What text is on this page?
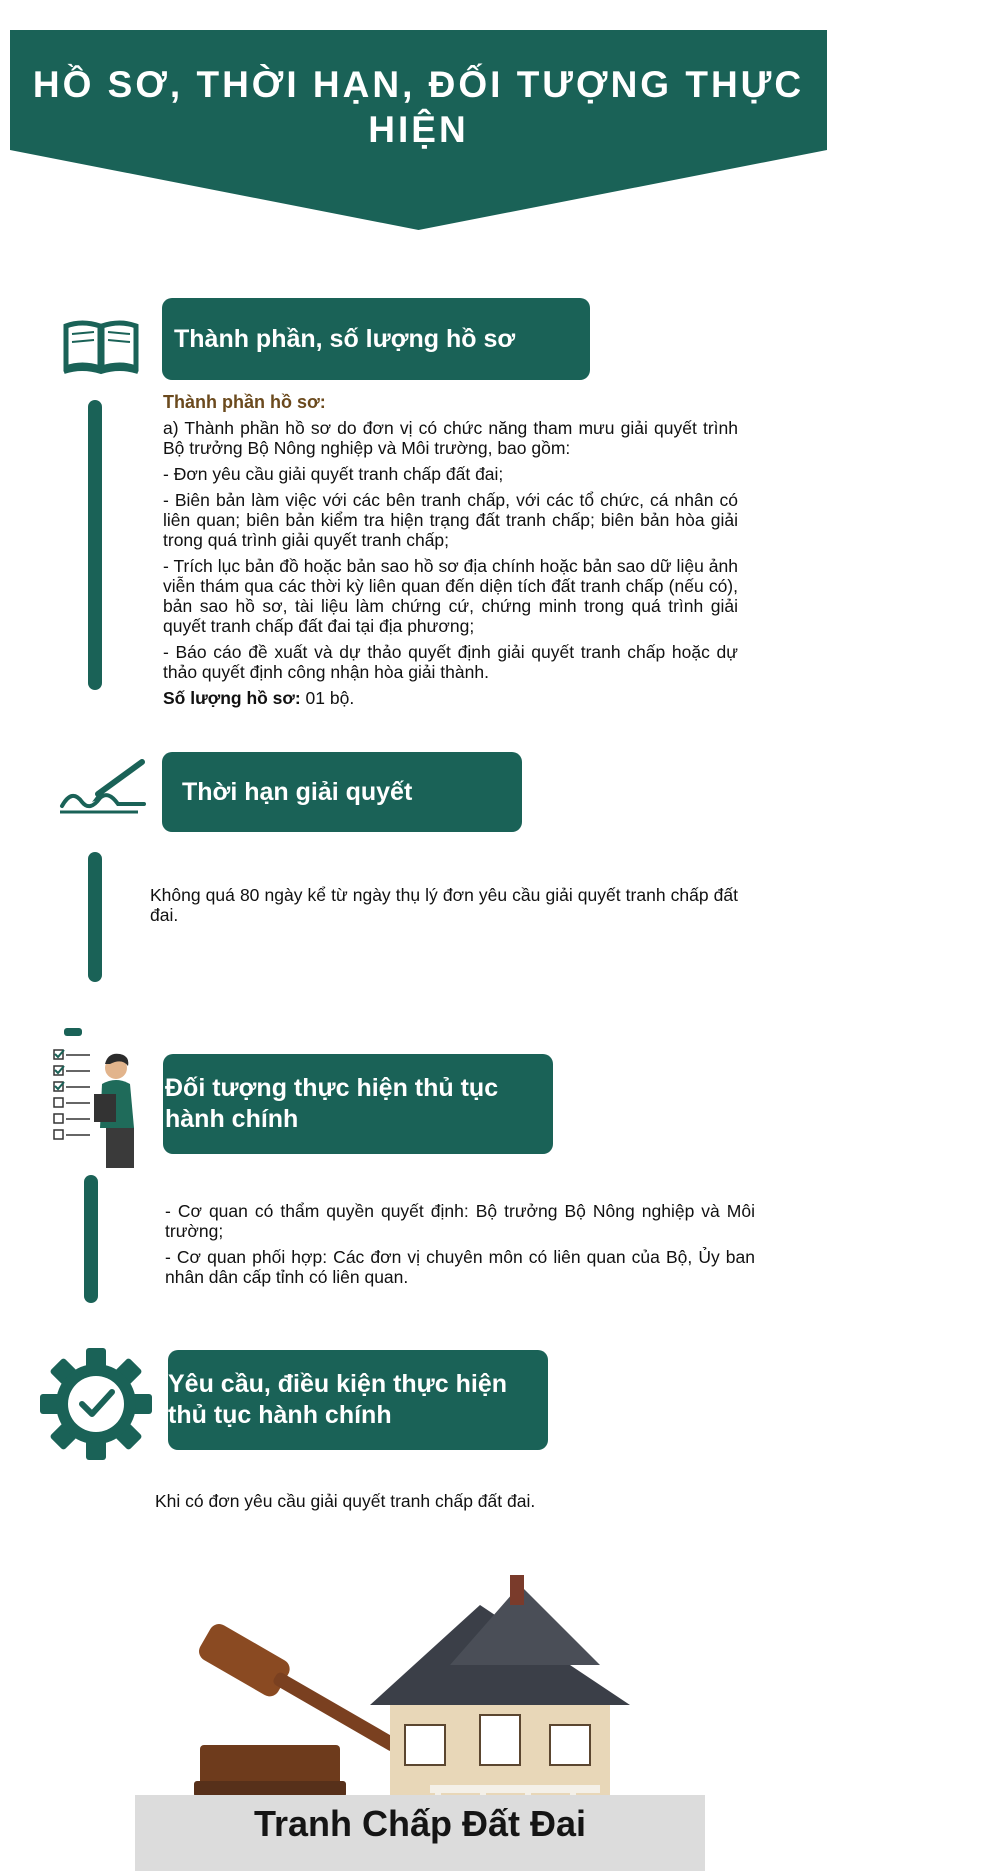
HỒ SƠ, THỜI HẠN, ĐỐI TƯỢNG THỰC HIỆN
Thành phần, số lượng hồ sơ

Thành phần hồ sơ:

a) Thành phần hồ sơ do đơn vị có chức năng tham mưu giải quyết trình Bộ trưởng Bộ Nông nghiệp và Môi trường, bao gồm:

- Đơn yêu cầu giải quyết tranh chấp đất đai;

- Biên bản làm việc với các bên tranh chấp, với các tổ chức, cá nhân có liên quan; biên bản kiểm tra hiện trạng đất tranh chấp; biên bản hòa giải trong quá trình giải quyết tranh chấp;

- Trích lục bản đồ hoặc bản sao hồ sơ địa chính hoặc bản sao dữ liệu ảnh viễn thám qua các thời kỳ liên quan đến diện tích đất tranh chấp (nếu có), bản sao hồ sơ, tài liệu làm chứng cứ, chứng minh trong quá trình giải quyết tranh chấp đất đai tại địa phương;

- Báo cáo đề xuất và dự thảo quyết định giải quyết tranh chấp hoặc dự thảo quyết định công nhận hòa giải thành.

Số lượng hồ sơ: 01 bộ.

Thời hạn giải quyết

Không quá 80 ngày kể từ ngày thụ lý đơn yêu cầu giải quyết tranh chấp đất đai.

Đối tượng thực hiện thủ tục hành chính

- Cơ quan có thẩm quyền quyết định: Bộ trưởng Bộ Nông nghiệp và Môi trường;

- Cơ quan phối hợp: Các đơn vị chuyên môn có liên quan của Bộ, Ủy ban nhân dân cấp tỉnh có liên quan.

Yêu cầu, điều kiện thực hiện thủ tục hành chính

Khi có đơn yêu cầu giải quyết tranh chấp đất đai.

Tranh Chấp Đất Đai
